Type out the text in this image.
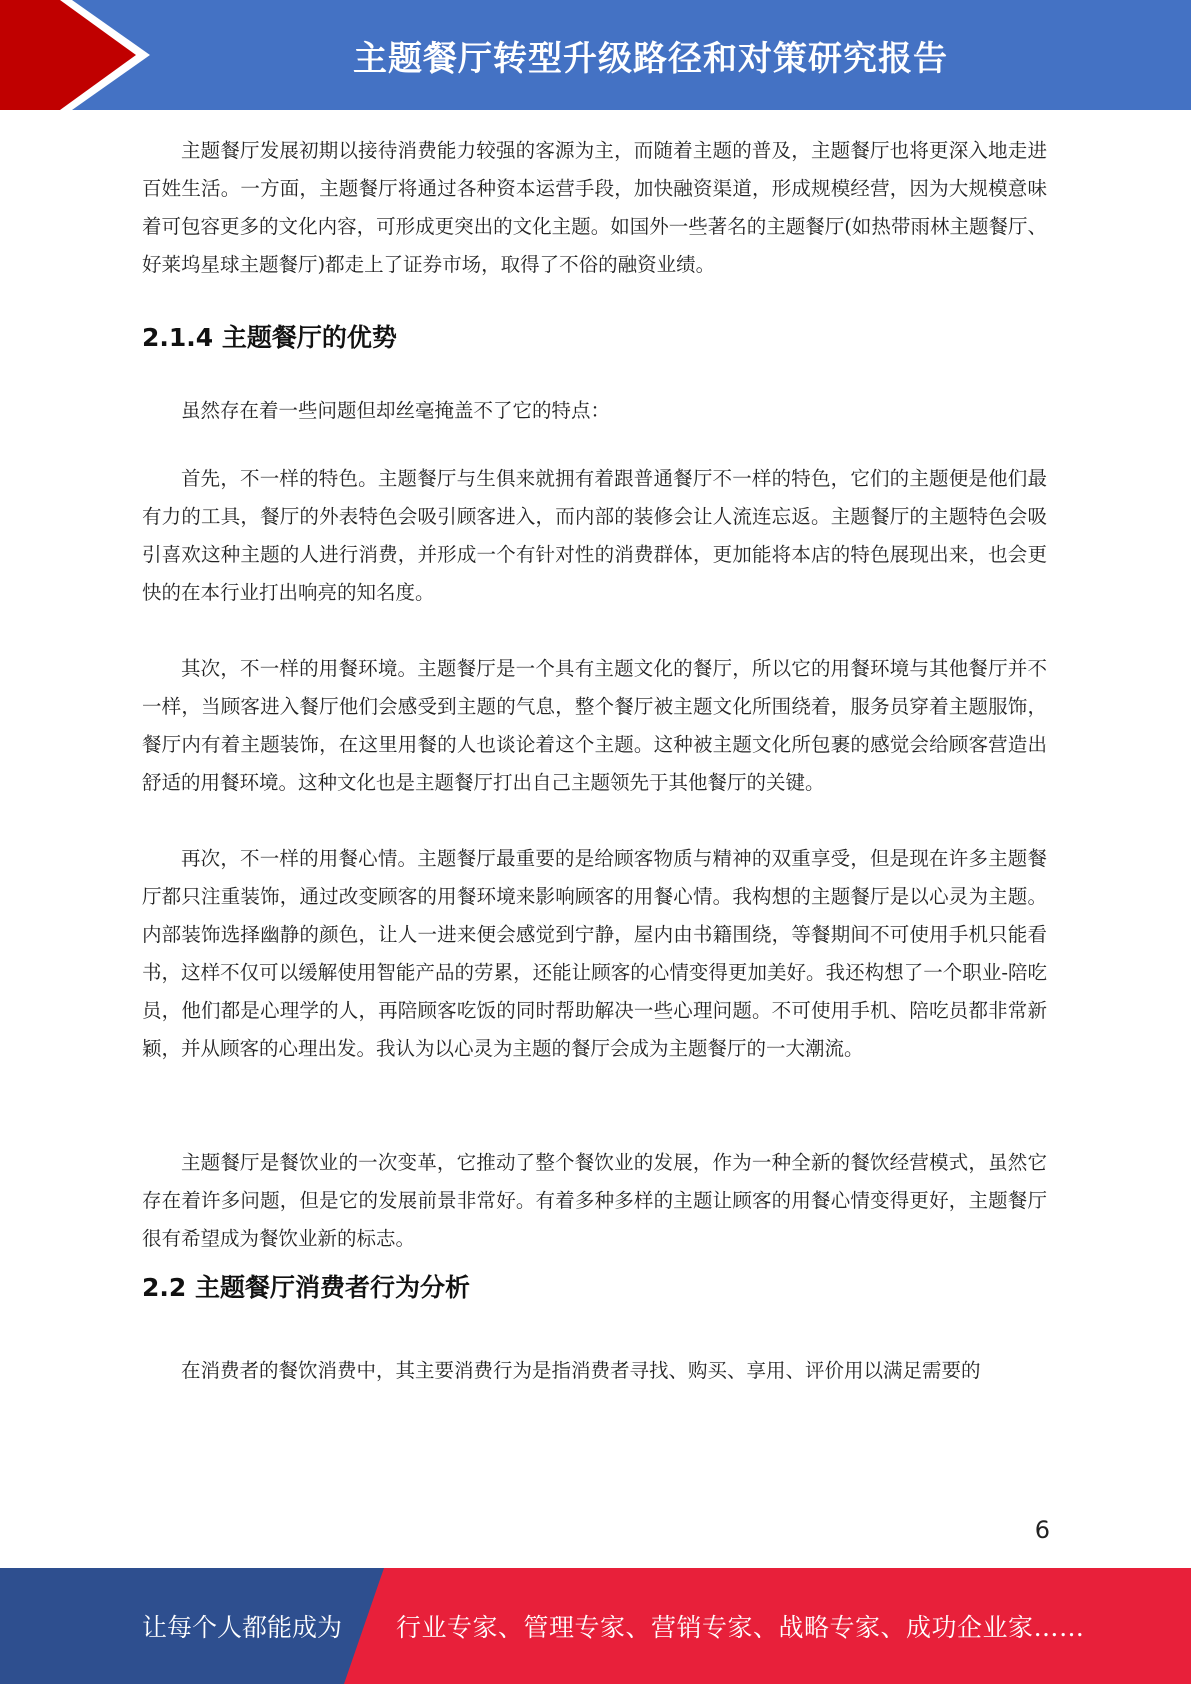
主题餐厅转型升级路径和对策研究报告

主题餐厅发展初期以接待消费能力较强的客源为主，而随着主题的普及，主题餐厅也将更深入地走进百姓生活。一方面，主题餐厅将通过各种资本运营手段，加快融资渠道，形成规模经营，因为大规模意味着可包容更多的文化内容，可形成更突出的文化主题。如国外一些著名的主题餐厅(如热带雨林主题餐厅、好莱坞星球主题餐厅)都走上了证券市场，取得了不俗的融资业绩。

2.1.4 主题餐厅的优势

虽然存在着一些问题但却丝毫掩盖不了它的特点：

首先，不一样的特色。主题餐厅与生俱来就拥有着跟普通餐厅不一样的特色，它们的主题便是他们最有力的工具，餐厅的外表特色会吸引顾客进入，而内部的装修会让人流连忘返。主题餐厅的主题特色会吸引喜欢这种主题的人进行消费，并形成一个有针对性的消费群体，更加能将本店的特色展现出来，也会更快的在本行业打出响亮的知名度。

其次，不一样的用餐环境。主题餐厅是一个具有主题文化的餐厅，所以它的用餐环境与其他餐厅并不一样，当顾客进入餐厅他们会感受到主题的气息，整个餐厅被主题文化所围绕着，服务员穿着主题服饰，餐厅内有着主题装饰，在这里用餐的人也谈论着这个主题。这种被主题文化所包裹的感觉会给顾客营造出舒适的用餐环境。这种文化也是主题餐厅打出自己主题领先于其他餐厅的关键。

再次，不一样的用餐心情。主题餐厅最重要的是给顾客物质与精神的双重享受，但是现在许多主题餐厅都只注重装饰，通过改变顾客的用餐环境来影响顾客的用餐心情。我构想的主题餐厅是以心灵为主题。内部装饰选择幽静的颜色，让人一进来便会感觉到宁静，屋内由书籍围绕，等餐期间不可使用手机只能看书，这样不仅可以缓解使用智能产品的劳累，还能让顾客的心情变得更加美好。我还构想了一个职业-陪吃员，他们都是心理学的人，再陪顾客吃饭的同时帮助解决一些心理问题。不可使用手机、陪吃员都非常新颖，并从顾客的心理出发。我认为以心灵为主题的餐厅会成为主题餐厅的一大潮流。

主题餐厅是餐饮业的一次变革，它推动了整个餐饮业的发展，作为一种全新的餐饮经营模式，虽然它存在着许多问题，但是它的发展前景非常好。有着多种多样的主题让顾客的用餐心情变得更好，主题餐厅很有希望成为餐饮业新的标志。

2.2 主题餐厅消费者行为分析

在消费者的餐饮消费中，其主要消费行为是指消费者寻找、购买、享用、评价用以满足需要的

6
让每个人都能成为 行业专家、管理专家、营销专家、战略专家、成功企业家……
